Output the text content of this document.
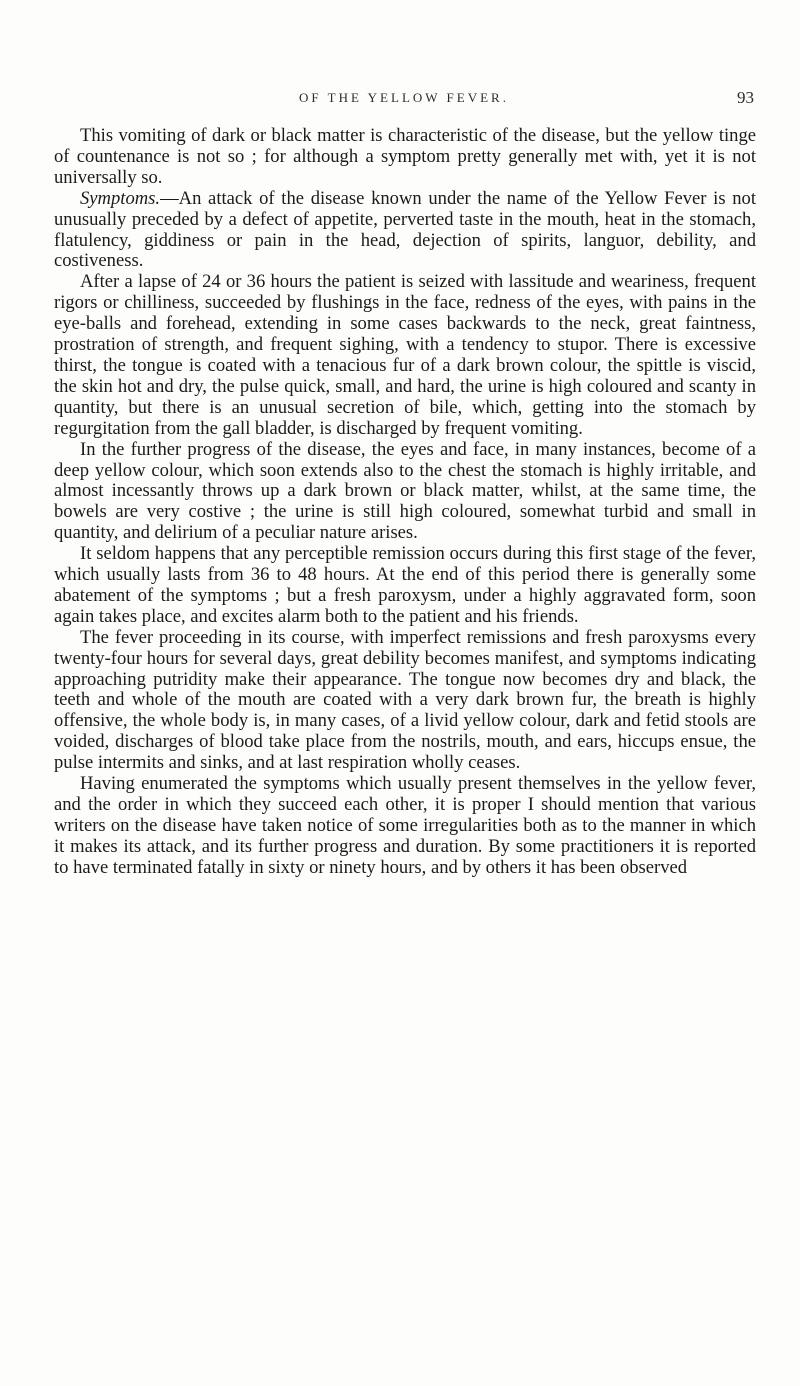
OF THE YELLOW FEVER.	93

This vomiting of dark or black matter is characteristic of the disease, but the yellow tinge of countenance is not so ; for although a symptom pretty generally met with, yet it is not universally so.

Symptoms.—An attack of the disease known under the name of the Yellow Fever is not unusually preceded by a defect of appetite, perverted taste in the mouth, heat in the stomach, flatulency, giddiness or pain in the head, dejection of spirits, languor, debility, and costiveness.

After a lapse of 24 or 36 hours the patient is seized with lassitude and weariness, frequent rigors or chilliness, succeeded by flushings in the face, redness of the eyes, with pains in the eye-balls and forehead, extending in some cases backwards to the neck, great faintness, prostration of strength, and frequent sighing, with a tendency to stupor. There is excessive thirst, the tongue is coated with a tenacious fur of a dark brown colour, the spittle is viscid, the skin hot and dry, the pulse quick, small, and hard, the urine is high coloured and scanty in quantity, but there is an unusual secretion of bile, which, getting into the stomach by regurgitation from the gall bladder, is discharged by frequent vomiting.

In the further progress of the disease, the eyes and face, in many instances, become of a deep yellow colour, which soon extends also to the chest the stomach is highly irritable, and almost incessantly throws up a dark brown or black matter, whilst, at the same time, the bowels are very costive ; the urine is still high coloured, somewhat turbid and small in quantity, and delirium of a peculiar nature arises.

It seldom happens that any perceptible remission occurs during this first stage of the fever, which usually lasts from 36 to 48 hours. At the end of this period there is generally some abatement of the symptoms ; but a fresh paroxysm, under a highly aggravated form, soon again takes place, and excites alarm both to the patient and his friends.

The fever proceeding in its course, with imperfect remissions and fresh paroxysms every twenty-four hours for several days, great debility becomes manifest, and symptoms indicating approaching putridity make their appearance. The tongue now becomes dry and black, the teeth and whole of the mouth are coated with a very dark brown fur, the breath is highly offensive, the whole body is, in many cases, of a livid yellow colour, dark and fetid stools are voided, discharges of blood take place from the nostrils, mouth, and ears, hiccups ensue, the pulse intermits and sinks, and at last respiration wholly ceases.

Having enumerated the symptoms which usually present themselves in the yellow fever, and the order in which they succeed each other, it is proper I should mention that various writers on the disease have taken notice of some irregularities both as to the manner in which it makes its attack, and its further progress and duration. By some practitioners it is reported to have terminated fatally in sixty or ninety hours, and by others it has been observed
